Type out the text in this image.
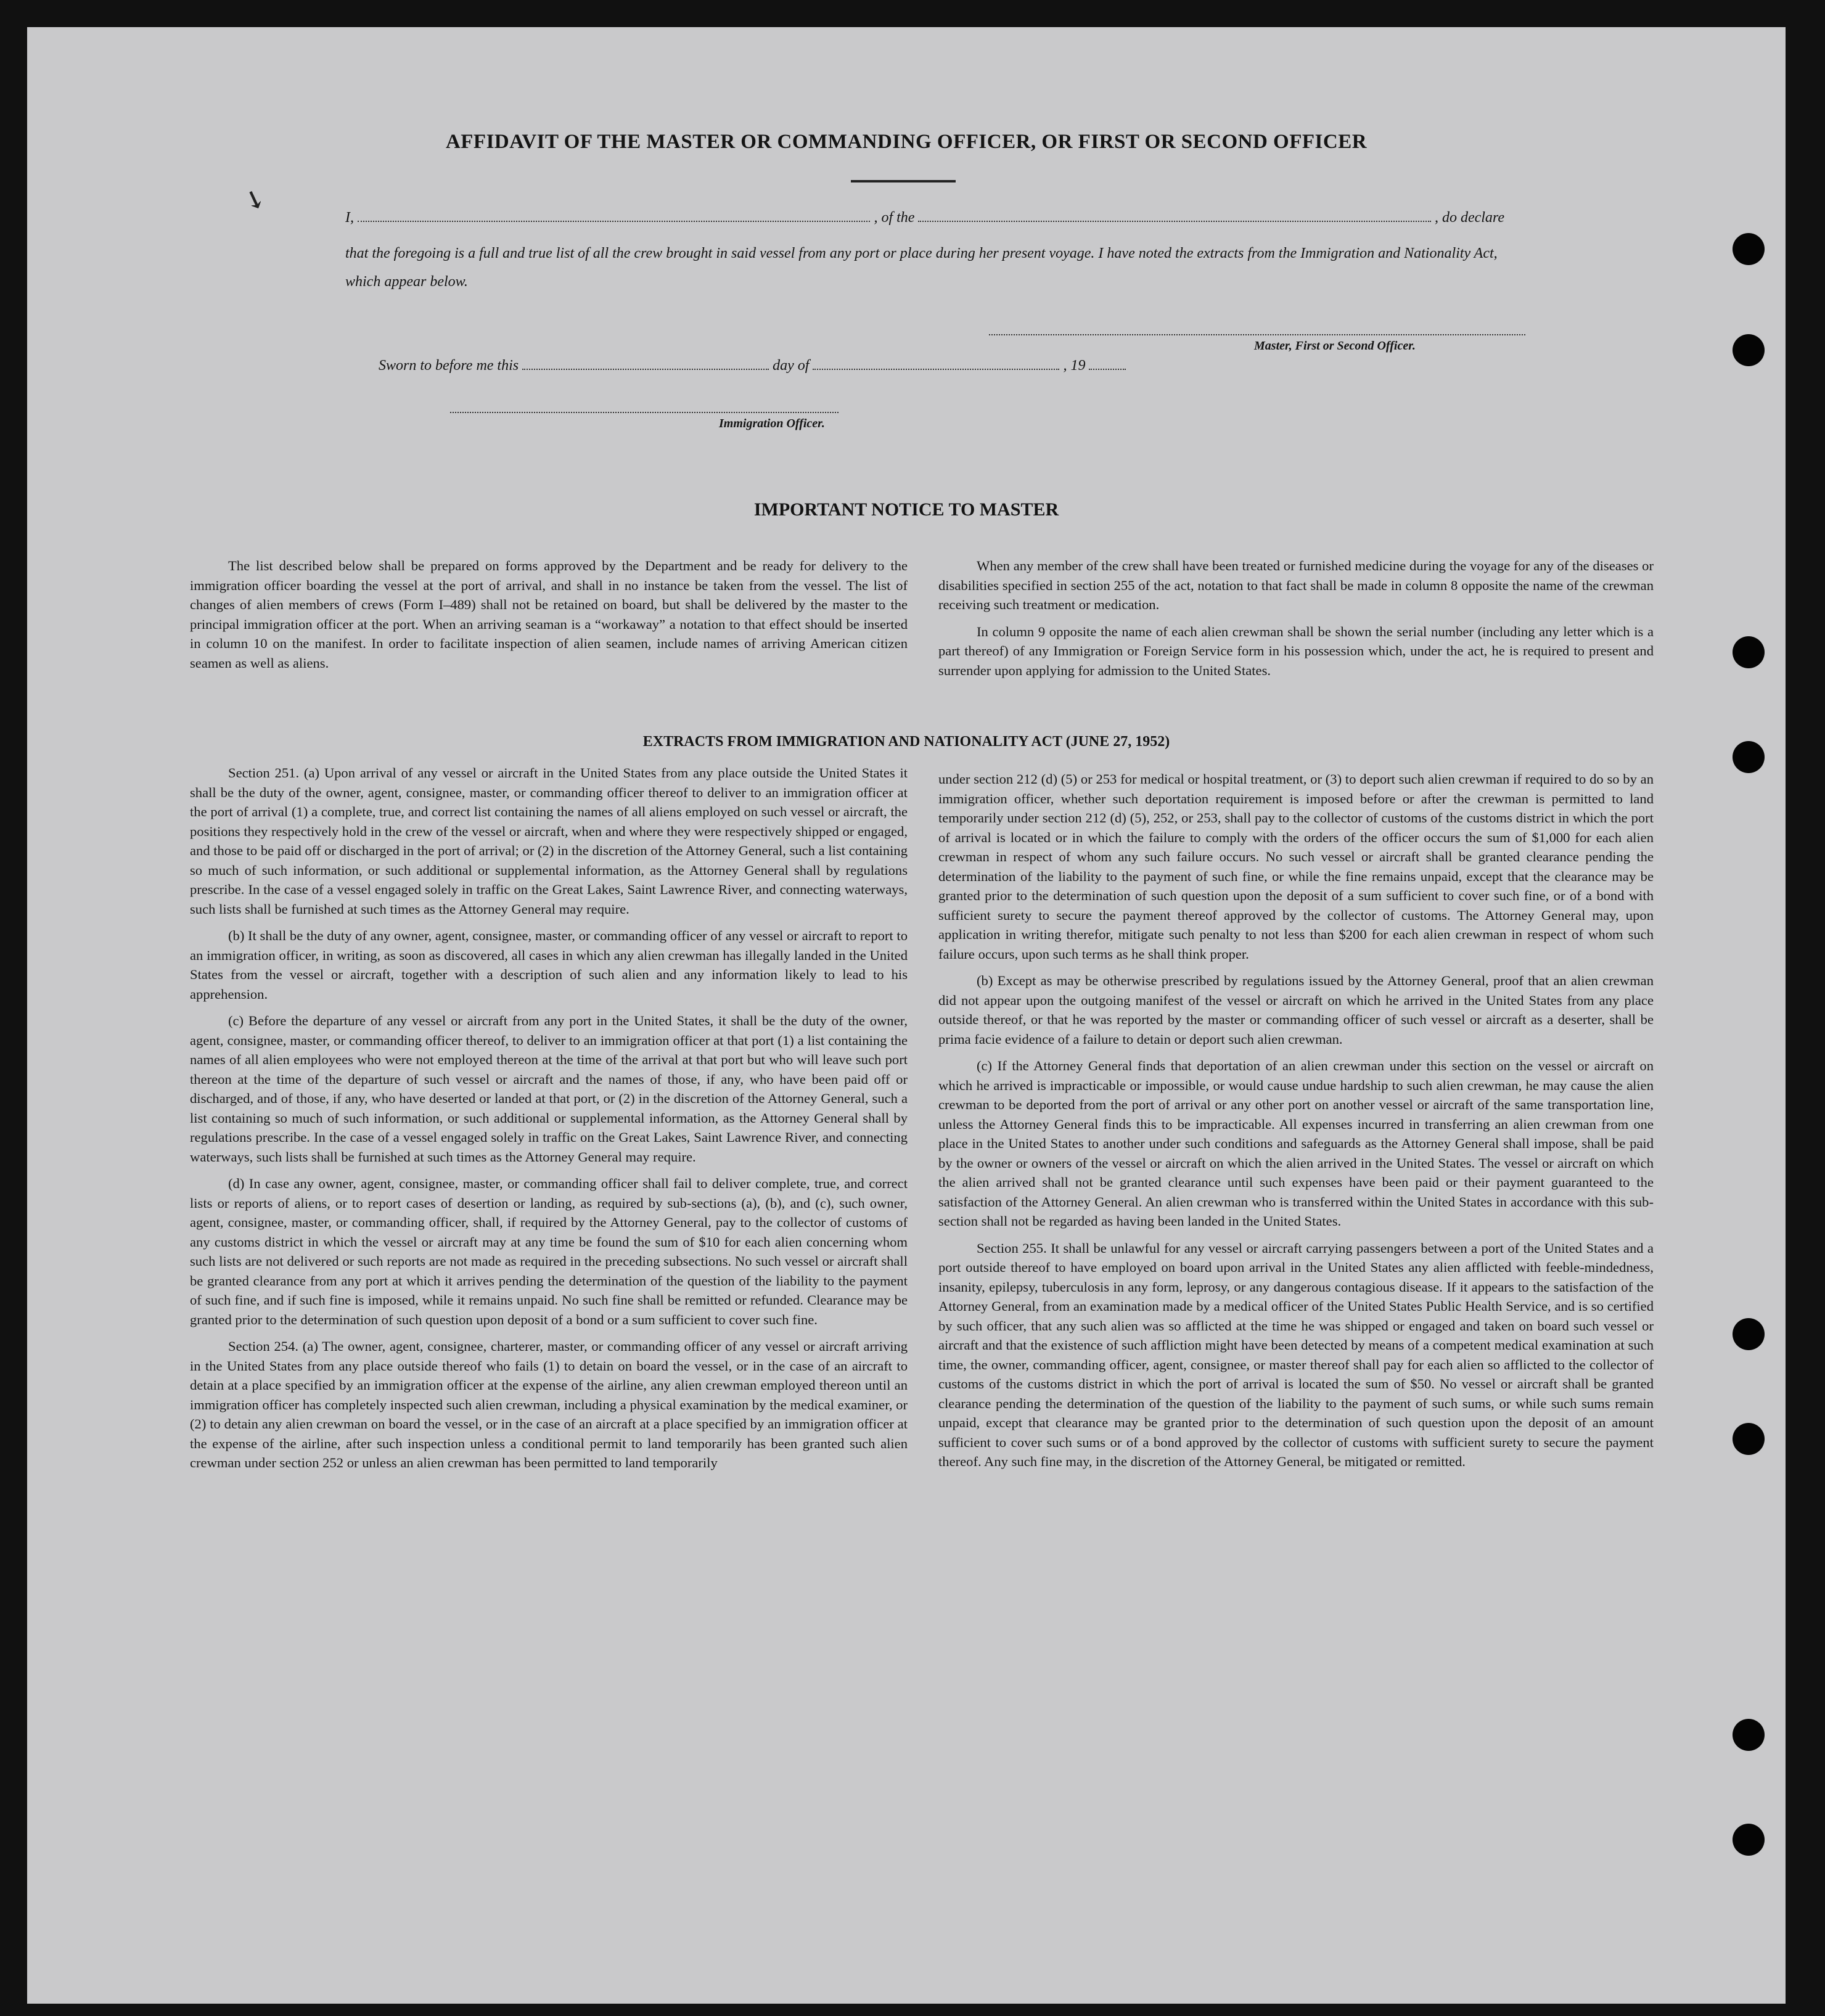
↘
AFFIDAVIT OF THE MASTER OR COMMANDING OFFICER, OR FIRST OR SECOND OFFICER
I,	, of the	, do declare
that the foregoing is a full and true list of all the crew brought in said vessel from any port or place during her present voyage. I have noted the extracts from the Immigration and Nationality Act, which appear below.
Master, First or Second Officer.
Sworn to before me this	day of	, 19
Immigration Officer.
IMPORTANT NOTICE TO MASTER

The list described below shall be prepared on forms approved by the Department and be ready for delivery to the immigration officer boarding the vessel at the port of arrival, and shall in no instance be taken from the vessel. The list of changes of alien members of crews (Form I–489) shall not be retained on board, but shall be delivered by the master to the principal immigration officer at the port. When an arriving seaman is a “workaway” a notation to that effect should be inserted in column 10 on the manifest. In order to facilitate inspection of alien seamen, include names of arriving American citizen seamen as well as aliens.

When any member of the crew shall have been treated or furnished medicine during the voyage for any of the diseases or disabilities specified in section 255 of the act, notation to that fact shall be made in column 8 opposite the name of the crewman receiving such treatment or medication.

In column 9 opposite the name of each alien crewman shall be shown the serial number (including any letter which is a part thereof) of any Immigration or Foreign Service form in his possession which, under the act, he is required to present and surrender upon applying for admission to the United States.

EXTRACTS FROM IMMIGRATION AND NATIONALITY ACT (JUNE 27, 1952)

Section 251. (a) Upon arrival of any vessel or aircraft in the United States from any place outside the United States it shall be the duty of the owner, agent, consignee, master, or commanding officer thereof to deliver to an immigration officer at the port of arrival (1) a complete, true, and correct list containing the names of all aliens employed on such vessel or aircraft, the positions they respectively hold in the crew of the vessel or aircraft, when and where they were respectively shipped or engaged, and those to be paid off or discharged in the port of arrival; or (2) in the discretion of the Attorney General, such a list containing so much of such information, or such additional or supplemental information, as the Attorney General shall by regulations prescribe. In the case of a vessel engaged solely in traffic on the Great Lakes, Saint Lawrence River, and connecting waterways, such lists shall be furnished at such times as the Attorney General may require.

(b) It shall be the duty of any owner, agent, consignee, master, or commanding officer of any vessel or aircraft to report to an immigration officer, in writing, as soon as discovered, all cases in which any alien crewman has illegally landed in the United States from the vessel or aircraft, together with a description of such alien and any information likely to lead to his apprehension.

(c) Before the departure of any vessel or aircraft from any port in the United States, it shall be the duty of the owner, agent, consignee, master, or commanding officer thereof, to deliver to an immigration officer at that port (1) a list containing the names of all alien employees who were not employed thereon at the time of the arrival at that port but who will leave such port thereon at the time of the departure of such vessel or aircraft and the names of those, if any, who have been paid off or discharged, and of those, if any, who have deserted or landed at that port, or (2) in the discretion of the Attorney General, such a list containing so much of such information, or such additional or supplemental information, as the Attorney General shall by regulations prescribe. In the case of a vessel engaged solely in traffic on the Great Lakes, Saint Lawrence River, and connecting waterways, such lists shall be furnished at such times as the Attorney General may require.

(d) In case any owner, agent, consignee, master, or commanding officer shall fail to deliver complete, true, and correct lists or reports of aliens, or to report cases of desertion or landing, as required by sub-sections (a), (b), and (c), such owner, agent, consignee, master, or commanding officer, shall, if required by the Attorney General, pay to the collector of customs of any customs district in which the vessel or aircraft may at any time be found the sum of $10 for each alien concerning whom such lists are not delivered or such reports are not made as required in the preceding subsections. No such vessel or aircraft shall be granted clearance from any port at which it arrives pending the determination of the question of the liability to the payment of such fine, and if such fine is imposed, while it remains unpaid. No such fine shall be remitted or refunded. Clearance may be granted prior to the determination of such question upon deposit of a bond or a sum sufficient to cover such fine.

Section 254. (a) The owner, agent, consignee, charterer, master, or commanding officer of any vessel or aircraft arriving in the United States from any place outside thereof who fails (1) to detain on board the vessel, or in the case of an aircraft to detain at a place specified by an immigration officer at the expense of the airline, any alien crewman employed thereon until an immigration officer has completely inspected such alien crewman, including a physical examination by the medical examiner, or (2) to detain any alien crewman on board the vessel, or in the case of an aircraft at a place specified by an immigration officer at the expense of the airline, after such inspection unless a conditional permit to land temporarily has been granted such alien crewman under section 252 or unless an alien crewman has been permitted to land temporarily

under section 212 (d) (5) or 253 for medical or hospital treatment, or (3) to deport such alien crewman if required to do so by an immigration officer, whether such deportation requirement is imposed before or after the crewman is permitted to land temporarily under section 212 (d) (5), 252, or 253, shall pay to the collector of customs of the customs district in which the port of arrival is located or in which the failure to comply with the orders of the officer occurs the sum of $1,000 for each alien crewman in respect of whom any such failure occurs. No such vessel or aircraft shall be granted clearance pending the determination of the liability to the payment of such fine, or while the fine remains unpaid, except that the clearance may be granted prior to the determination of such question upon the deposit of a sum sufficient to cover such fine, or of a bond with sufficient surety to secure the payment thereof approved by the collector of customs. The Attorney General may, upon application in writing therefor, mitigate such penalty to not less than $200 for each alien crewman in respect of whom such failure occurs, upon such terms as he shall think proper.

(b) Except as may be otherwise prescribed by regulations issued by the Attorney General, proof that an alien crewman did not appear upon the outgoing manifest of the vessel or aircraft on which he arrived in the United States from any place outside thereof, or that he was reported by the master or commanding officer of such vessel or aircraft as a deserter, shall be prima facie evidence of a failure to detain or deport such alien crewman.

(c) If the Attorney General finds that deportation of an alien crewman under this section on the vessel or aircraft on which he arrived is impracticable or impossible, or would cause undue hardship to such alien crewman, he may cause the alien crewman to be deported from the port of arrival or any other port on another vessel or aircraft of the same transportation line, unless the Attorney General finds this to be impracticable. All expenses incurred in transferring an alien crewman from one place in the United States to another under such conditions and safeguards as the Attorney General shall impose, shall be paid by the owner or owners of the vessel or aircraft on which the alien arrived in the United States. The vessel or aircraft on which the alien arrived shall not be granted clearance until such expenses have been paid or their payment guaranteed to the satisfaction of the Attorney General. An alien crewman who is transferred within the United States in accordance with this sub-section shall not be regarded as having been landed in the United States.

Section 255. It shall be unlawful for any vessel or aircraft carrying passengers between a port of the United States and a port outside thereof to have employed on board upon arrival in the United States any alien afflicted with feeble-mindedness, insanity, epilepsy, tuberculosis in any form, leprosy, or any dangerous contagious disease. If it appears to the satisfaction of the Attorney General, from an examination made by a medical officer of the United States Public Health Service, and is so certified by such officer, that any such alien was so afflicted at the time he was shipped or engaged and taken on board such vessel or aircraft and that the existence of such affliction might have been detected by means of a competent medical examination at such time, the owner, commanding officer, agent, consignee, or master thereof shall pay for each alien so afflicted to the collector of customs of the customs district in which the port of arrival is located the sum of $50. No vessel or aircraft shall be granted clearance pending the determination of the question of the liability to the payment of such sums, or while such sums remain unpaid, except that clearance may be granted prior to the determination of such question upon the deposit of an amount sufficient to cover such sums or of a bond approved by the collector of customs with sufficient surety to secure the payment thereof. Any such fine may, in the discretion of the Attorney General, be mitigated or remitted.
